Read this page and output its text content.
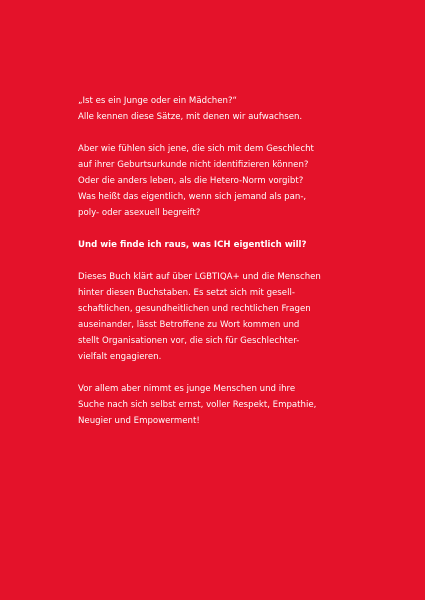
„Ist es ein Junge oder ein Mädchen?“
Alle kennen diese Sätze, mit denen wir aufwachsen.

Aber wie fühlen sich jene, die sich mit dem Geschlecht
auf ihrer Geburtsurkunde nicht identifizieren können?
Oder die anders leben, als die Hetero-Norm vorgibt?
Was heißt das eigentlich, wenn sich jemand als pan-,
poly- oder asexuell begreift?

Und wie finde ich raus, was ICH eigentlich will?

Dieses Buch klärt auf über LGBTIQA+ und die Menschen
hinter diesen Buchstaben. Es setzt sich mit gesell-
schaftlichen, gesundheitlichen und rechtlichen Fragen
auseinander, lässt Betroffene zu Wort kommen und
stellt Organisationen vor, die sich für Geschlechter-
vielfalt engagieren.

Vor allem aber nimmt es junge Menschen und ihre
Suche nach sich selbst ernst, voller Respekt, Empathie,
Neugier und Empowerment!
